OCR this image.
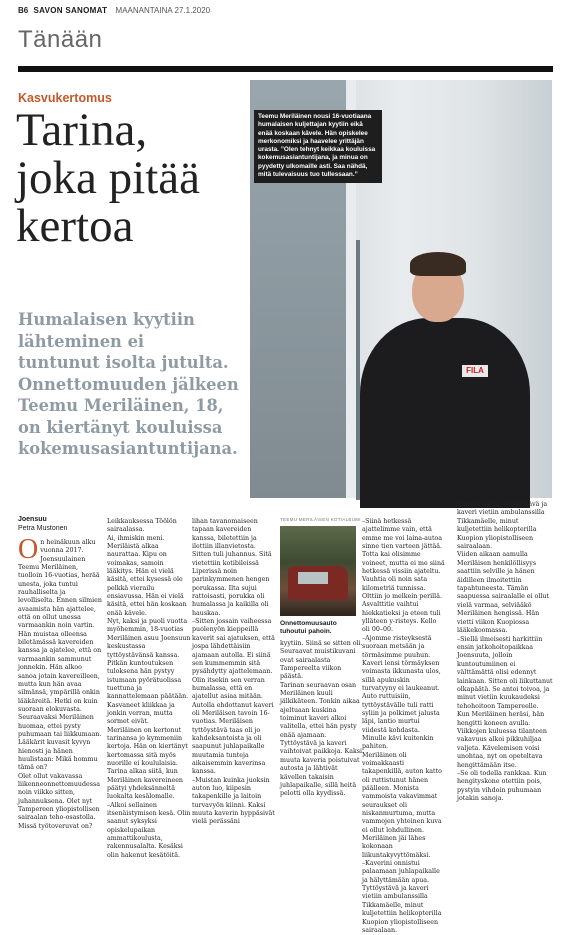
B6 SAVON SANOMAT MAANANTAINA 27.1.2020
Tänään
Kasvukertomus
Tarina,
joka pitää
kertoa
Humalaisen kyytiin
lähteminen ei
tuntunut isolta jutulta.
Onnettomuuden jälkeen
Teemu Meriläinen, 18,
on kiertänyt kouluissa
kokemusasiantuntijana.
FILA
Teemu Meriläinen nousi 16-vuotiaana humalaisen kuljettajan kyytiin eikä enää koskaan kävele. Hän opiskelee merkonomiksi ja haavelee yrittäjän urasta. ”Olen tehnyt keikkaa kouluissa kokemusasiantuntijana, ja minua on pyydetty ulkomaille asti. Saa nähdä, mitä tulevaisuus tuo tullessaan.”
Joensuu
Petra Mustonen

On heinäkuun alku vuonna 2017. Joensuulainen Teemu Meriläinen, tuolloin 16-vuotias, herää unesta, joka tuntui rauhalliselta ja levolliselta. Ennen silmien avaamista hän ajattelee, että on ollut unessa varmaankin noin vartin.

Hän muistaa olleensa biletämässä kavereiden kanssa ja ajatelee, että on varmaankin sammunut jonnekin. Hän alkoo sanoa jotain kavereilleen, mutta kun hän avaa silmänsä, ympärillä onkin lääkäreitä. Hetki on kuin suoraan elokuvasta.

Seuraavaksi Meriläinen huomaa, ettei pysty puhumaan tai liikkumaan. Lääkärit kuvasit kyvyn hienosti ja hänen huulistaan: Mikä hommu tämä on?

Olet ollut vakavassa liikenneonnettomuudessa noin viikko sitten, juhannuksena. Olet nyt Tampereen yliopistollisen sairaalan teho-osastolla.

Missä työtoveruvat on?

Leikkauksessa Töölön sairaalassa.

Ai, ihmiskin meni. Meriläistä alkaa naurattaa. Kipu on voimakas, samoin lääkitys. Hän ei vielä käsitä, ettei kysessä ole pelkkä vierailu ensiavussa. Hän ei vielä käsitä, ettei hän koskaan enää kävele.

Nyt, kaksi ja puoli vuotta myöhemmin, 18-vuotias Meriläinen asuu Joensuun keskustassa tyttöystävänsä kanssa. Pitkän kuntoutuksen tuloksena hän pystyy istumaan pyörätuolissa tuettuna ja kannattelemaan päätään. Kasvaneet kliikkaa ja jonkin verran, mutta sormet eivät.

Meriläinen on kertonut tarinansa jo kymmeniin kertoja. Hän on kiertänyt kertomassa sitä myös nuorille ei koululaisia.

Tarina alkaa siitä, kun Meriläinen kavereineen päätyi yhdeksänneltä luokalta kesälomalle.

–Alkoi sellainen itsenäistymisen kesä. Olin saanut syksyksi opiskelupaikan ammattikoulusta, rakennusalalta. Kesäksi olin hakenut kesätöitä.

lihan tavanomaiseen tapaan kavereiden kanssa, biletettiin ja ilettiin illanvietosta.

Sitten tuli juhannus. Sitä vietettiin kotibileissä Liperissä noin parinkymmenen hengen porukassa. Ilta sujui rattoisasti, porukka oli humalassa ja kaikilla oli hauskaa.

–Sitten jossain vaiheessa puolenyön kieppeillä kaverit sai ajatuksen, että jospa lähdettäisiin ajamaan autolla. Ei siinä sen kummemmin sitä pysähdytty ajattelemaan. Olin itsekin sen verran humalassa, että en ajatellut asiaa mitään.

Autolla ehdottanut kaveri oli Meriläisen tavoin 16-vuotias. Meriläisen tyttöystävä taas oli jo kahdeksantoista ja oli saapunut juhlapaikalle muutamia tunteja aikaisemmin kaverinsa kanssa.

–Muistan kuinka juoksin auton luo, kiipesin takapenkille ja laitoin turvavyön kiinni. Kaksi muuta kaverin hyppäsivät vielä perässäni

TEEMU MERILÄISEN KOTIALBUMI
Onnettomuusauto tuhoutui pahoin.

kyytiin. Siinä se sitten oli. Seuraavat muistikuvani ovat sairaalasta Tampereelta viikon päästä.

Tarinan seuraavan osan Meriläinen kuuli jälkikäteen. Tonkin aikaa ajeltuaan kuskina toiminut kaveri alkoi valitella, ettei hän pysty enää ajamaan. Tyttöystävä ja kaveri vaihtoivat paikkoja. Kaksi muuta kaveria poistuivat autosta ja lähtivät kävellen takaisin juhlapaikalle, sillä heitä pelotti olla kyydissä.

–Siinä hetkessä ajattelimme vain, että emme me voi laina-autoa sinne tien varteen jättää. Totta kai olisimme voineet, mutta ei me siinä hetkessä vissiin ajateltu.

Vauhtia oli noin sata kilometriä tunnissa. Olttiin jo melkein perillä. Asvalttitie vaihtui hiekkatieksi ja eteen tuli ylläteen y-risteys. Kello oli 00–00.

–Ajomme risteyksestä suoraan metsään ja törmäsimme puuhun. Kaveri lensi törmäyksen voimasta ikkunasta ulos, sillä apukuskin turvatyyny ei laukeanut. Auto ruttuisiin, tyttöystävälle tuli ratti syliin ja polkimet jalusta läpi, lantio murtui viidestä kohdasta. Minulle kävi kuitenkin pahiten.

Meriläinen oli voimakkaasti takapenkillä, auton katto oli ruttistunut hänen päälleen. Monista vammoista vakavimmat seuraukset oli niskanmurtuma, mutta vammojen yhteinen kuva ei ollut lohdullinen. Meriläinen jäi lähes kokonaan liikuntakyvyttömäksi.

–Kaverini onnistui palaamaan juhlapaikalle ja hälyttämään apua. Tyttöystävä ja kaveri vietiin ambulanssilla Tikkamäelle, minut kuljetettiin helikopterilla Kuopion yliopistolliseen sairaalaan.

tämään apua. Tyttöystävä ja kaveri vietiin ambulanssilla Tikkamäelle, minut kuljetettiin helikopterilla Kuopion yliopistolliseen sairaalaan.

Viiden aikaan aamulla Meriläisen henkilöllisyys saattiin selville ja hänen äidilleen ilmoitettiin tapahtuneesta. Tämän saapuessa sairaalalle ei ollut vielä varmaa, selviääkö Meriläinen hengissä. Hän vietti viikon Kuopiossa lääkekoomassa.

–Siellä ilmeisesti harkittiin ensin jatkohoitopaikkaa Joensuuta, jolloin kuntoutumiinen ei välttämättä olisi edennyt lainkaan. Sitten oli liikuttanut olkapäätä. Se antoi toivoa, ja minut vietiin kuukaudeksi tehohoitoon Tampereelle.

Kun Meriläinen heräsi, hän hengitti koneen avulla. Viikkojen kuluessa tilanteen vakavuus alkoi pikkuhiljaa valjeta. Kävelemisen voisi unohtaa, nyt on opeteltava hengittämään itse.

–Se oli todella rankkaa. Kun hengityskone otettiin pois, pystyin vihdoin puhumaan jotakin sanoja.
